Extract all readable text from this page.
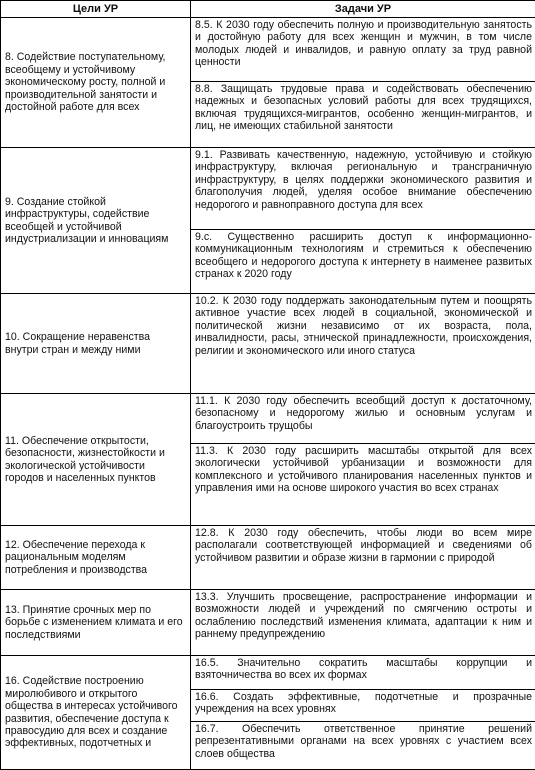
Цели УР	Задачи УР
8. Содействие поступательному, всеобщему и устойчивому экономическому росту, полной и производительной занятости и достойной работе для всех	8.5. К 2030 году обеспечить полную и производительную занятость и достойную работу для всех женщин и мужчин, в том числе молодых людей и инвалидов, и равную оплату за труд равной ценности
	8.8. Защищать трудовые права и содействовать обеспечению надежных и безопасных условий работы для всех трудящихся, включая трудящихся-мигрантов, особенно женщин-мигрантов, и лиц, не имеющих стабильной занятости
9. Создание стойкой инфраструктуры, содействие всеобщей и устойчивой индустриализации и инновациям	9.1. Развивать качественную, надежную, устойчивую и стойкую инфраструктуру, включая региональную и трансграничную инфраструктуру, в целях поддержки экономического развития и благополучия людей, уделяя особое внимание обеспечению недорогого и равноправного доступа для всех
	9.с. Существенно расширить доступ к информационно-коммуникационным технологиям и стремиться к обеспечению всеобщего и недорогого доступа к интернету в наименее развитых странах к 2020 году
10. Сокращение неравенства внутри стран и между ними	10.2. К 2030 году поддержать законодательным путем и поощрять активное участие всех людей в социальной, экономической и политической жизни независимо от их возраста, пола, инвалидности, расы, этнической принадлежности, происхождения, религии и экономического или иного статуса
11. Обеспечение открытости, безопасности, жизнестойкости и экологической устойчивости городов и населенных пунктов	11.1. К 2030 году обеспечить всеобщий доступ к достаточному, безопасному и недорогому жилью и основным услугам и благоустроить трущобы
	11.3. К 2030 году расширить масштабы открытой для всех экологически устойчивой урбанизации и возможности для комплексного и устойчивого планирования населенных пунктов и управления ими на основе широкого участия во всех странах
12. Обеспечение перехода к рациональным моделям потребления и производства	12.8. К 2030 году обеспечить, чтобы люди во всем мире располагали соответствующей информацией и сведениями об устойчивом развитии и образе жизни в гармонии с природой
13. Принятие срочных мер по борьбе с изменением климата и его последствиями	13.3. Улучшить просвещение, распространение информации и возможности людей и учреждений по смягчению остроты и ослаблению последствий изменения климата, адаптации к ним и раннему предупреждению
16. Содействие построению миролюбивого и открытого общества в интересах устойчивого развития, обеспечение доступа к правосудию для всех и создание эффективных, подотчетных и	16.5. Значительно сократить масштабы коррупции и взяточничества во всех их формах
	16.6. Создать эффективные, подотчетные и прозрачные учреждения на всех уровнях
	16.7. Обеспечить ответственное принятие решений репрезентативными органами на всех уровнях с участием всех слоев общества
